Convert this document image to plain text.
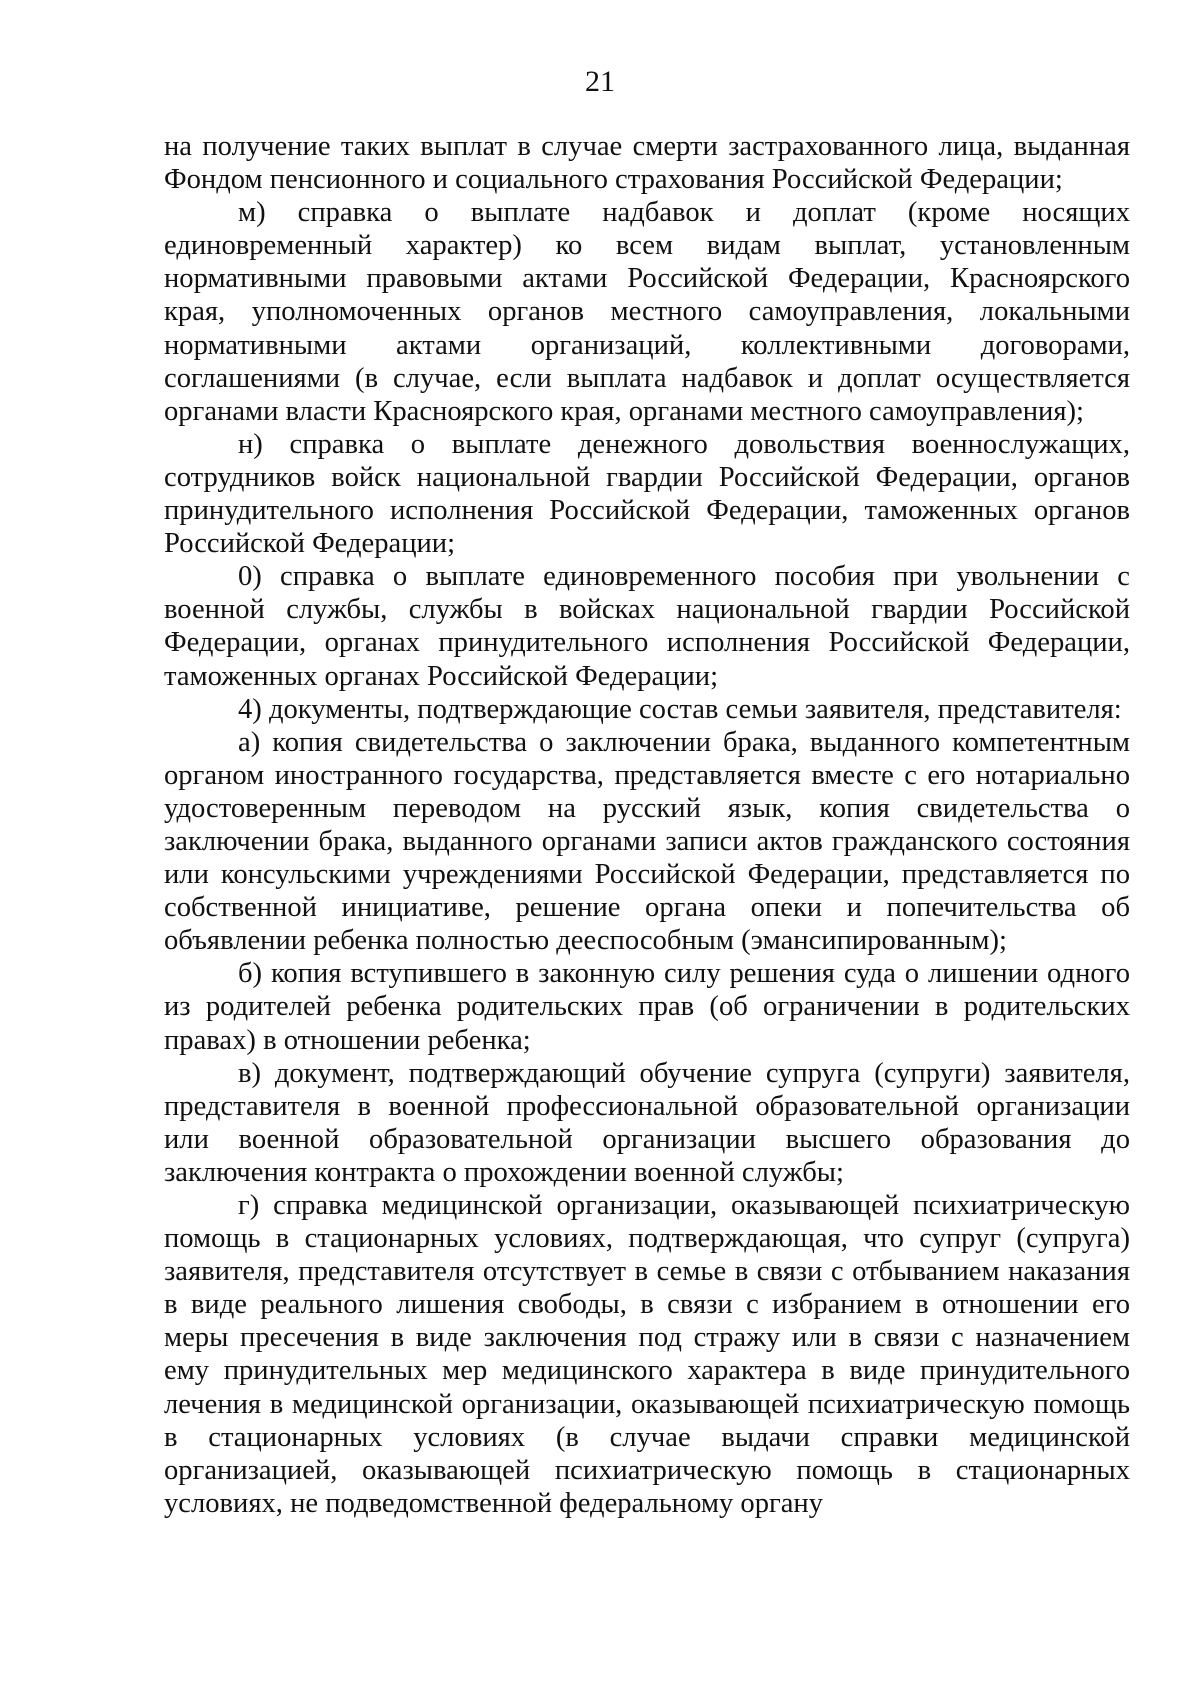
21

на получение таких выплат в случае смерти застрахованного лица, выданная Фондом пенсионного и социального страхования Российской Федерации;

м) справка о выплате надбавок и доплат (кроме носящих единовременный характер) ко всем видам выплат, установленным нормативными правовыми актами Российской Федерации, Красноярского края, уполномоченных органов местного самоуправления, локальными нормативными актами организаций, коллективными договорами, соглашениями (в случае, если выплата надбавок и доплат осуществляется органами власти Красноярского края, органами местного самоуправления);

н) справка о выплате денежного довольствия военнослужащих, сотрудников войск национальной гвардии Российской Федерации, органов принудительного исполнения Российской Федерации, таможенных органов Российской Федерации;

0) справка о выплате единовременного пособия при увольнении с военной службы, службы в войсках национальной гвардии Российской Федерации, органах принудительного исполнения Российской Федерации, таможенных органах Российской Федерации;

4) документы, подтверждающие состав семьи заявителя, представителя:

а) копия свидетельства о заключении брака, выданного компетентным органом иностранного государства, представляется вместе с его нотариально удостоверенным переводом на русский язык, копия свидетельства о заключении брака, выданного органами записи актов гражданского состояния или консульскими учреждениями Российской Федерации, представляется по собственной инициативе, решение органа опеки и попечительства об объявлении ребенка полностью дееспособным (эмансипированным);

б) копия вступившего в законную силу решения суда о лишении одного из родителей ребенка родительских прав (об ограничении в родительских правах) в отношении ребенка;

в) документ, подтверждающий обучение супруга (супруги) заявителя, представителя в военной профессиональной образовательной организации или военной образовательной организации высшего образования до заключения контракта о прохождении военной службы;

г) справка медицинской организации, оказывающей психиатрическую помощь в стационарных условиях, подтверждающая, что супруг (супруга) заявителя, представителя отсутствует в семье в связи с отбыванием наказания в виде реального лишения свободы, в связи с избранием в отношении его меры пресечения в виде заключения под стражу или в связи с назначением ему принудительных мер медицинского характера в виде принудительного лечения в медицинской организации, оказывающей психиатрическую помощь в стационарных условиях (в случае выдачи справки медицинской организацией, оказывающей психиатрическую помощь в стационарных условиях, не подведомственной федеральному органу
